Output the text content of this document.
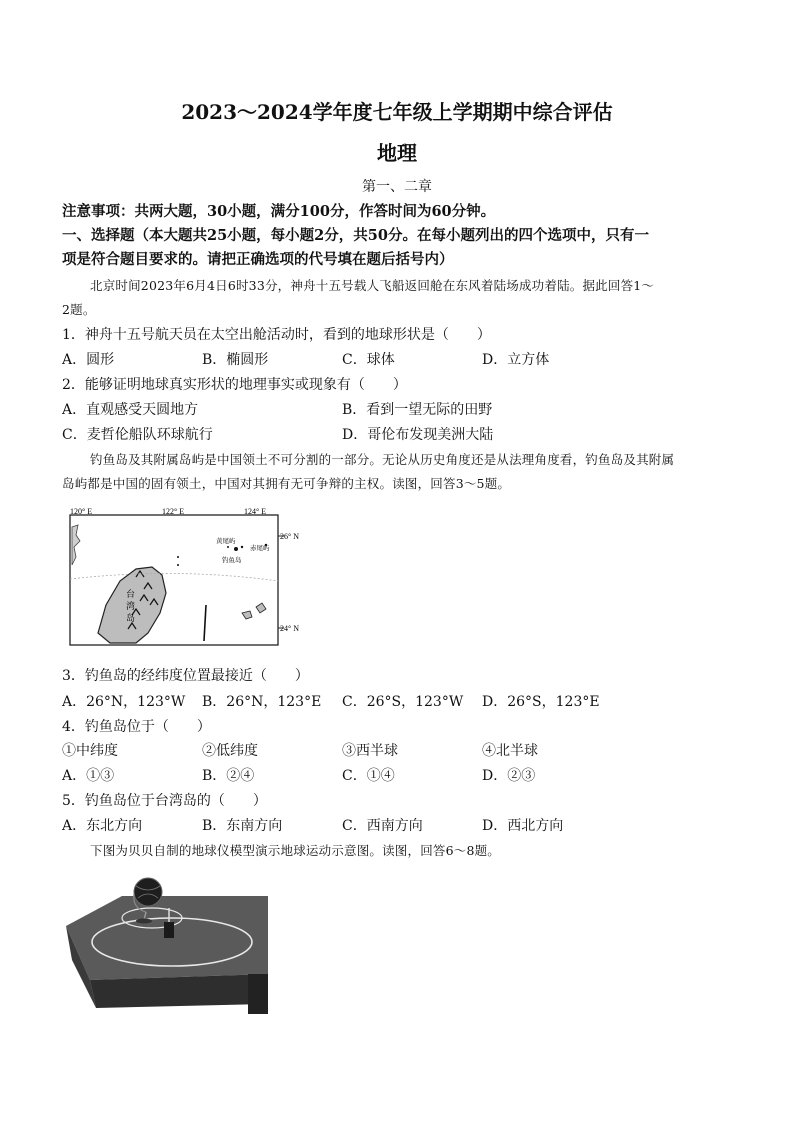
2023～2024学年度七年级上学期期中综合评估
地理
第一、二章
注意事项：共两大题，30小题，满分100分，作答时间为60分钟。
一、选择题（本大题共25小题，每小题2分，共50分。在每小题列出的四个选项中，只有一
项是符合题目要求的。请把正确选项的代号填在题后括号内）
北京时间2023年6月4日6时33分，神舟十五号载人飞船返回舱在东风着陆场成功着陆。据此回答1～
2题。
1．神舟十五号航天员在太空出舱活动时，看到的地球形状是（　　）
A．圆形	B．椭圆形	C．球体	D．立方体
2．能够证明地球真实形状的地理事实或现象有（　　）
A．直观感受天圆地方	B．看到一望无际的田野
C．麦哲伦船队环球航行	D．哥伦布发现美洲大陆
钓鱼岛及其附属岛屿是中国领土不可分割的一部分。无论从历史角度还是从法理角度看，钓鱼岛及其附属
岛屿都是中国的固有领土，中国对其拥有无可争辩的主权。读图，回答3～5题。
120° E	122° E	124° E
26° N
24° N
台
湾
岛
黄尾屿
赤尾屿
钓鱼岛
3．钓鱼岛的经纬度位置最接近（　　）
A．26°N，123°W B．26°N，123°E C．26°S，123°W D．26°S，123°E
4．钓鱼岛位于（　　）
①中纬度	②低纬度	③西半球	④北半球
A．①③	B．②④	C．①④	D．②③
5．钓鱼岛位于台湾岛的（　　）
A．东北方向	B．东南方向	C．西南方向	D．西北方向
下图为贝贝自制的地球仪模型演示地球运动示意图。读图，回答6～8题。
